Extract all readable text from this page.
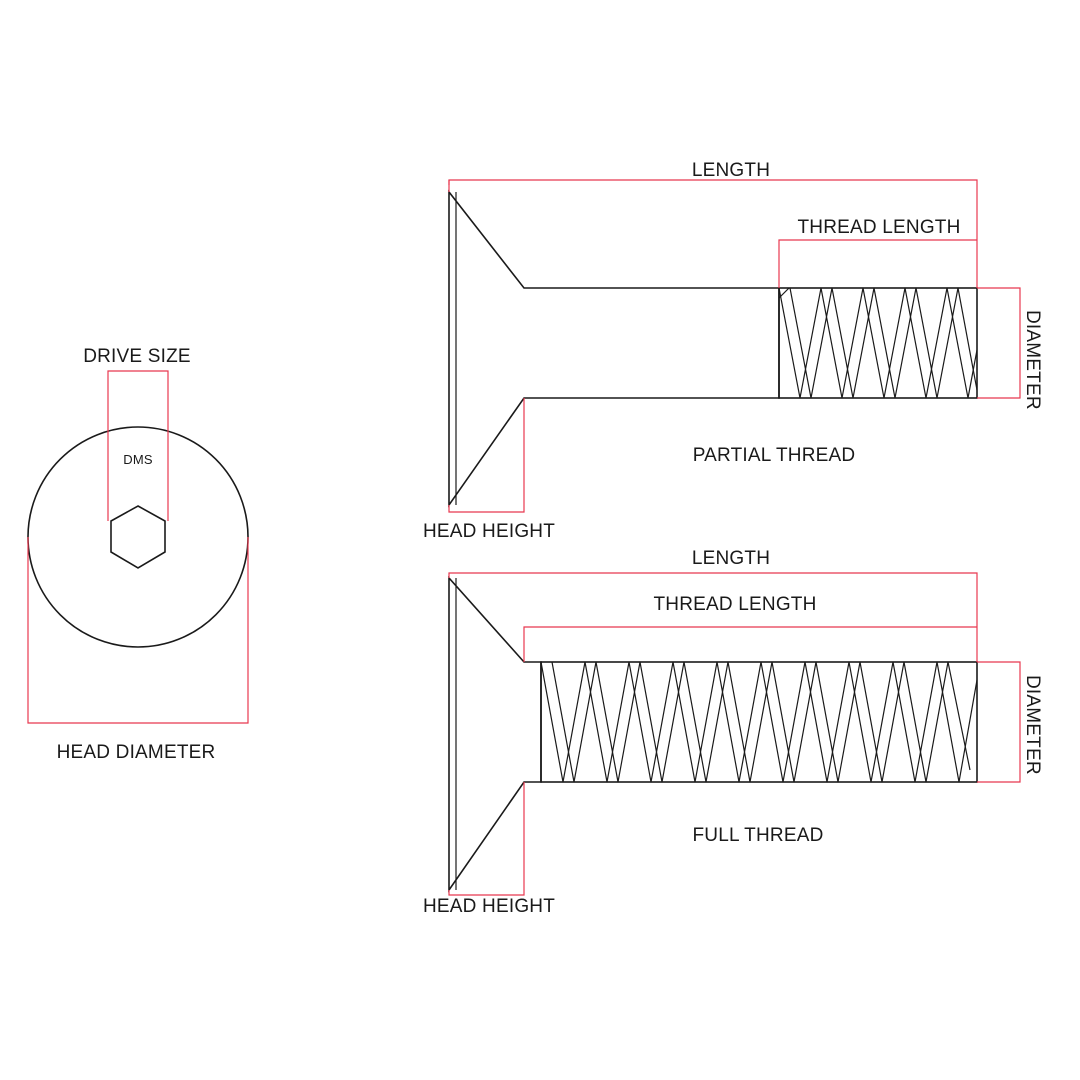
DRIVE SIZE
DMS
HEAD DIAMETER
LENGTH
THREAD LENGTH
DIAMETER
HEAD HEIGHT
PARTIAL THREAD
LENGTH
THREAD LENGTH
DIAMETER
HEAD HEIGHT
FULL THREAD
